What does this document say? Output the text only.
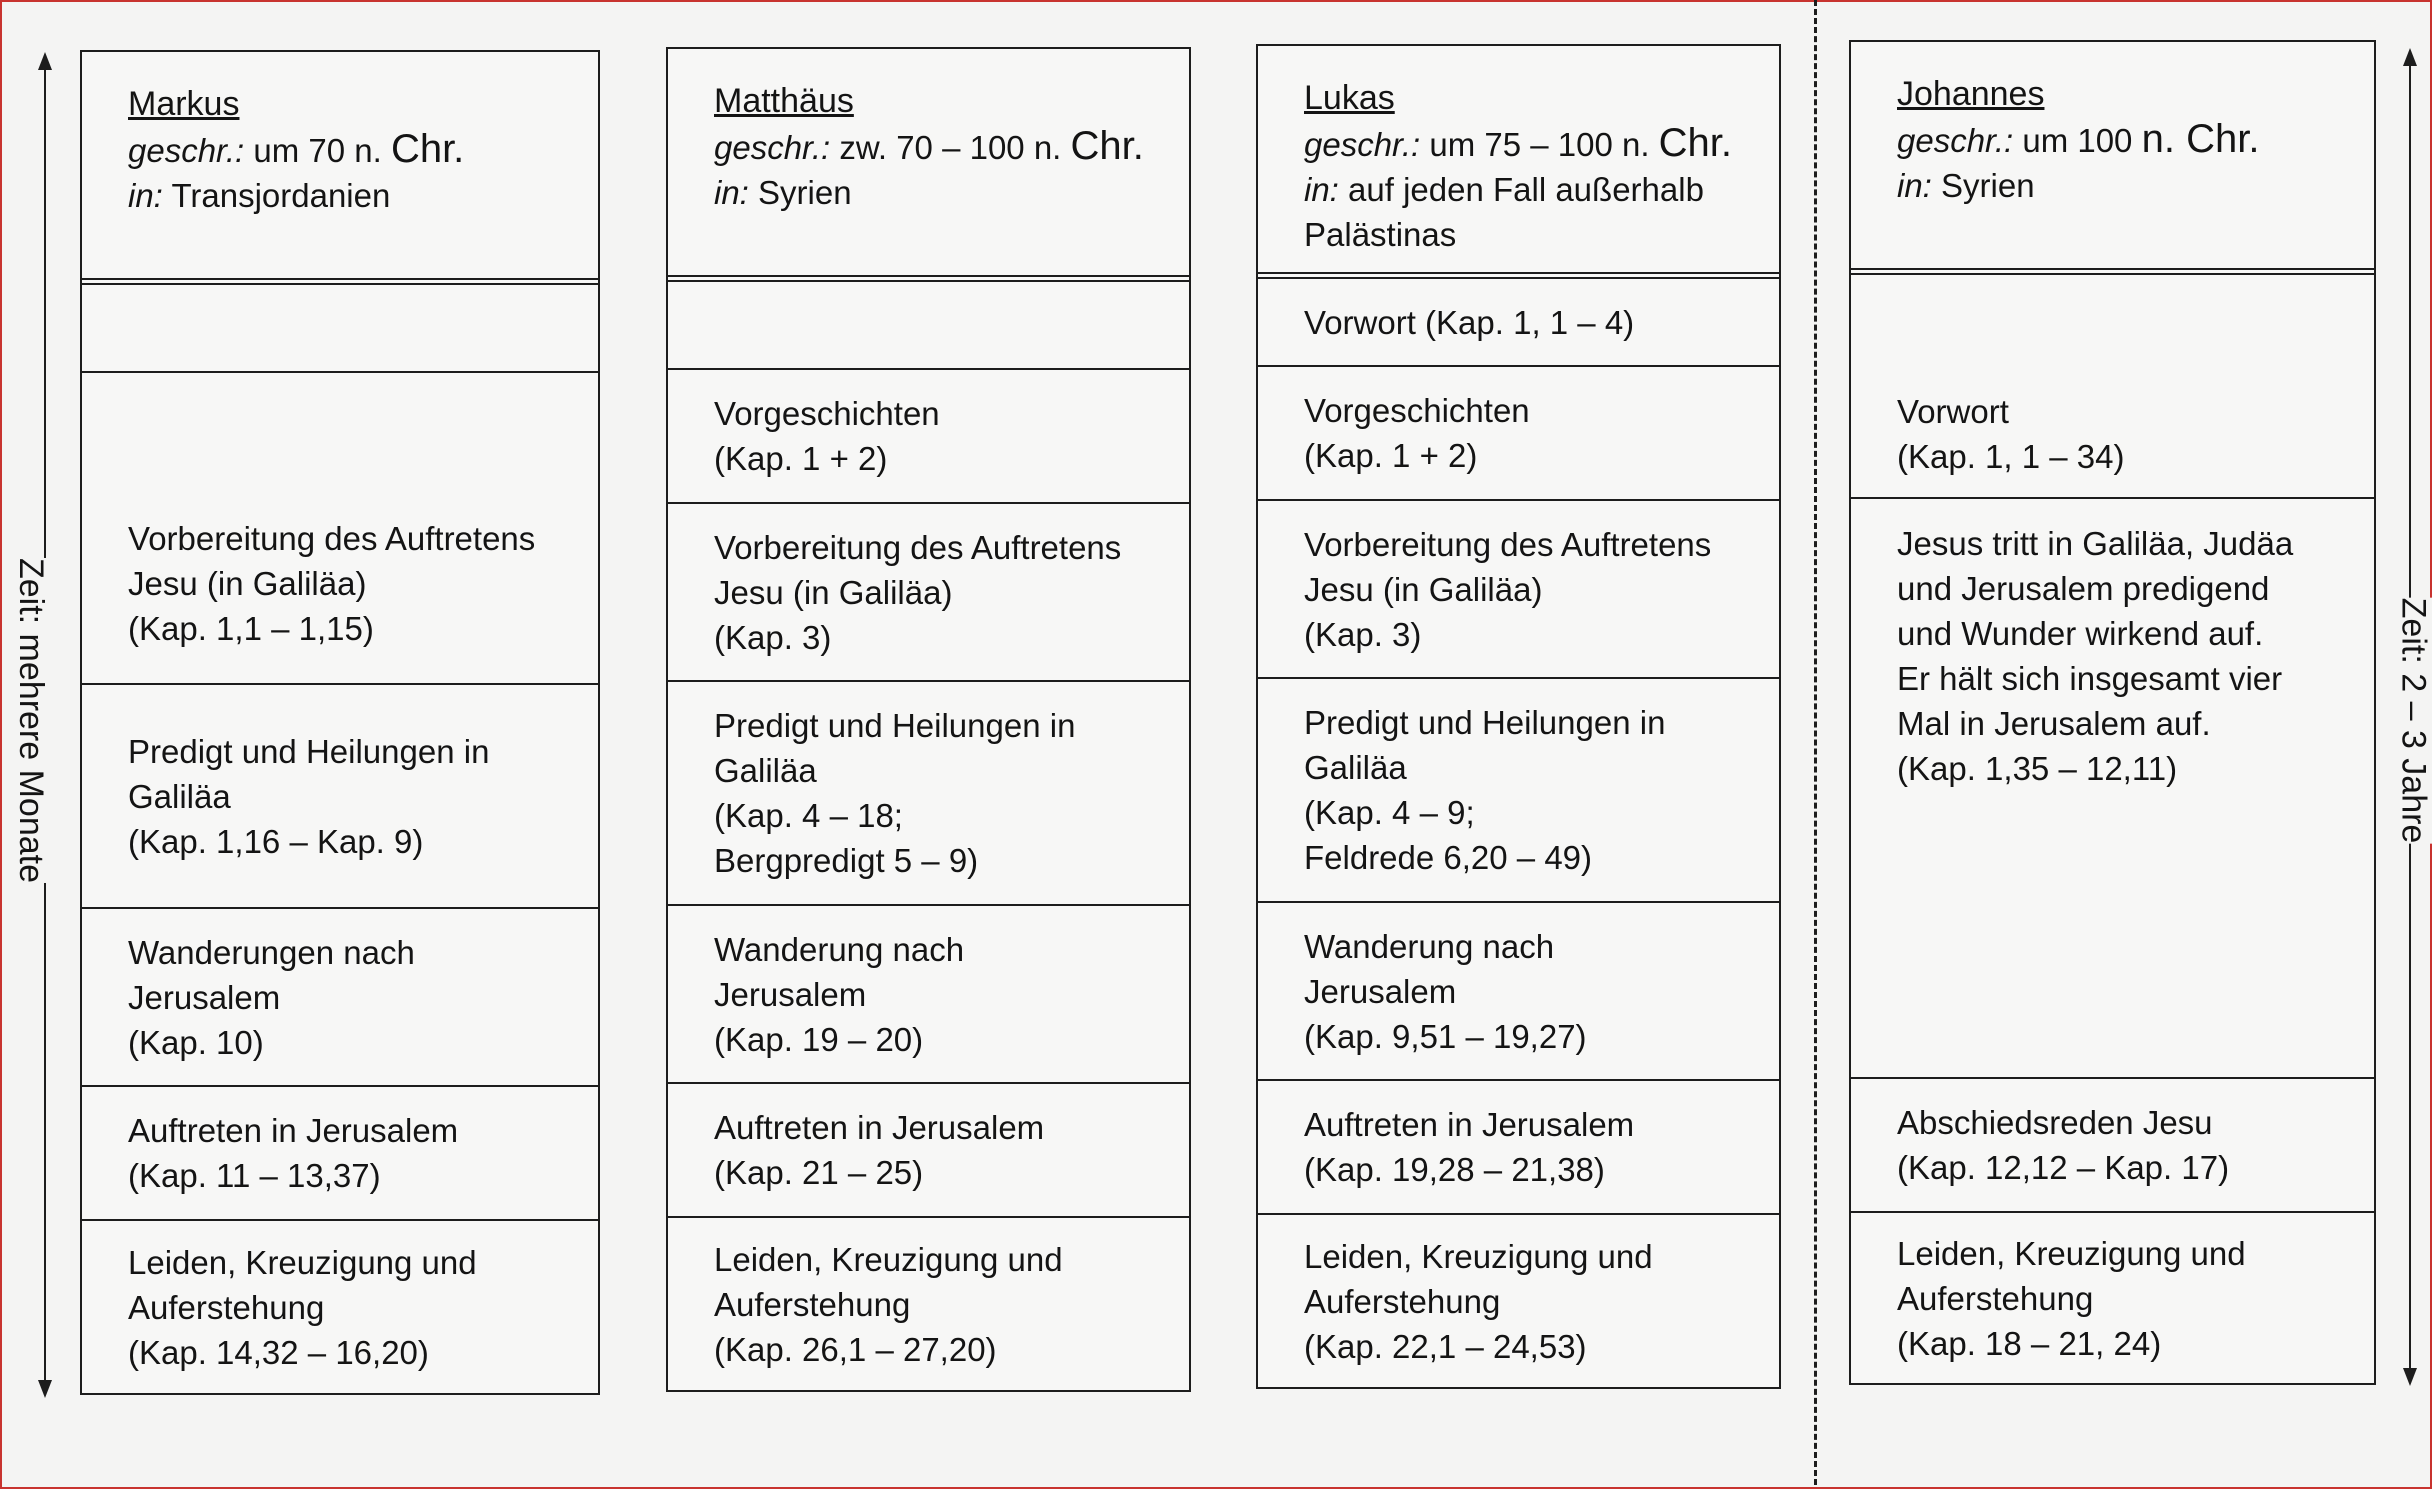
Zeit: mehrere Monate	Zeit: 2 – 3 Jahre
Markus
geschr.: um 70 n. Chr.
in: Transjordanien
Vorbereitung des Auftretens
Jesu (in Galiläa)
(Kap. 1,1 – 1,15)
Predigt und Heilungen in
Galiläa
(Kap. 1,16 – Kap. 9)
Wanderungen nach
Jerusalem
(Kap. 10)
Auftreten in Jerusalem
(Kap. 11 – 13,37)
Leiden, Kreuzigung und
Auferstehung
(Kap. 14,32 – 16,20)
Matthäus
geschr.: zw. 70 – 100 n. Chr.
in: Syrien
Vorgeschichten
(Kap. 1 + 2)
Vorbereitung des Auftretens
Jesu (in Galiläa)
(Kap. 3)
Predigt und Heilungen in
Galiläa
(Kap. 4 – 18;
Bergpredigt 5 – 9)
Wanderung nach
Jerusalem
(Kap. 19 – 20)
Auftreten in Jerusalem
(Kap. 21 – 25)
Leiden, Kreuzigung und
Auferstehung
(Kap. 26,1 – 27,20)
Lukas
geschr.: um 75 – 100 n. Chr.
in: auf jeden Fall außerhalb
Palästinas
Vorwort (Kap. 1, 1 – 4)
Vorgeschichten
(Kap. 1 + 2)
Vorbereitung des Auftretens
Jesu (in Galiläa)
(Kap. 3)
Predigt und Heilungen in
Galiläa
(Kap. 4 – 9;
Feldrede 6,20 – 49)
Wanderung nach
Jerusalem
(Kap. 9,51 – 19,27)
Auftreten in Jerusalem
(Kap. 19,28 – 21,38)
Leiden, Kreuzigung und
Auferstehung
(Kap. 22,1 – 24,53)
Johannes
geschr.: um 100 n. Chr.
in: Syrien
Vorwort
(Kap. 1, 1 – 34)
Jesus tritt in Galiläa, Judäa
und Jerusalem predigend
und Wunder wirkend auf.
Er hält sich insgesamt vier
Mal in Jerusalem auf.
(Kap. 1,35 – 12,11)
Abschiedsreden Jesu
(Kap. 12,12 – Kap. 17)
Leiden, Kreuzigung und
Auferstehung
(Kap. 18 – 21, 24)
